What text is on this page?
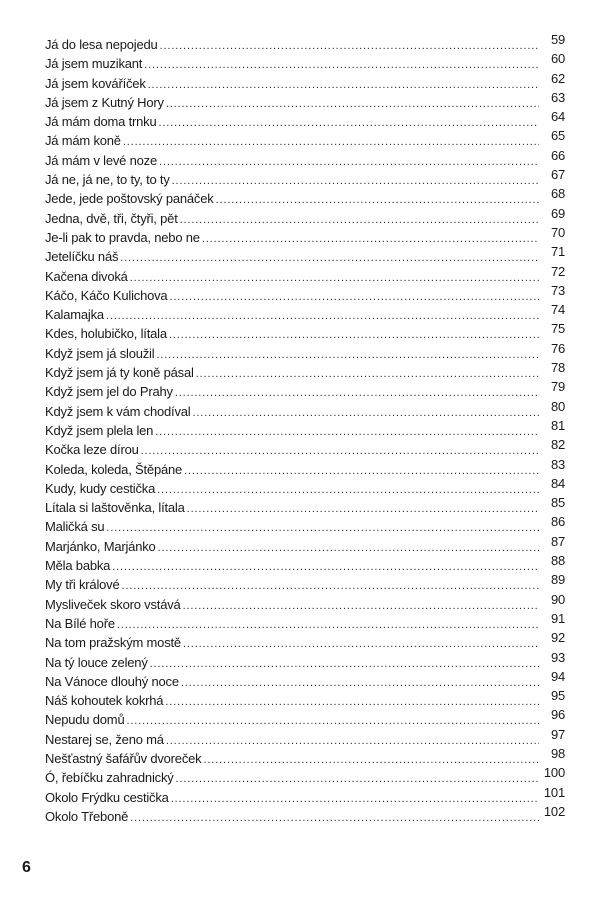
Já do lesa nepojedu . . .	59
Já jsem muzikant . . .	60
Já jsem kováříček . . .	62
Já jsem z Kutný Hory . . .	63
Já mám doma trnku . . .	64
Já mám koně . . .	65
Já mám v levé noze . . .	66
Já ne, já ne, to ty, to ty . . .	67
Jede, jede poštovský panáček . . .	68
Jedna, dvě, tři, čtyři, pět . . .	69
Je-li pak to pravda, nebo ne . . .	70
Jetelíčku náš . . .	71
Kačena divoká . . .	72
Káčo, Káčo Kulichova . . .	73
Kalamajka . . .	74
Kdes, holubičko, lítala . . .	75
Když jsem já sloužil . . .	76
Když jsem já ty koně pásal . . .	78
Když jsem jel do Prahy . . .	79
Když jsem k vám chodíval . . .	80
Když jsem plela len . . .	81
Kočka leze dírou . . .	82
Koleda, koleda, Štěpáne . . .	83
Kudy, kudy cestička . . .	84
Lítala si laštověnka, lítala . . .	85
Maličká su . . .	86
Marjánko, Marjánko . . .	87
Měla babka . . .	88
My tři králové . . .	89
Mysliveček skoro vstává . . .	90
Na Bílé hoře . . .	91
Na tom pražským mostě . . .	92
Na tý louce zelený . . .	93
Na Vánoce dlouhý noce . . .	94
Náš kohoutek kokrhá . . .	95
Nepudu domů . . .	96
Nestarej se, ženo má . . .	97
Nešťastný šafářův dvoreček . . .	98
Ó, řebíčku zahradnický . . .	100
Okolo Frýdku cestička . . .	101
Okolo Třeboně . . .	102
6
